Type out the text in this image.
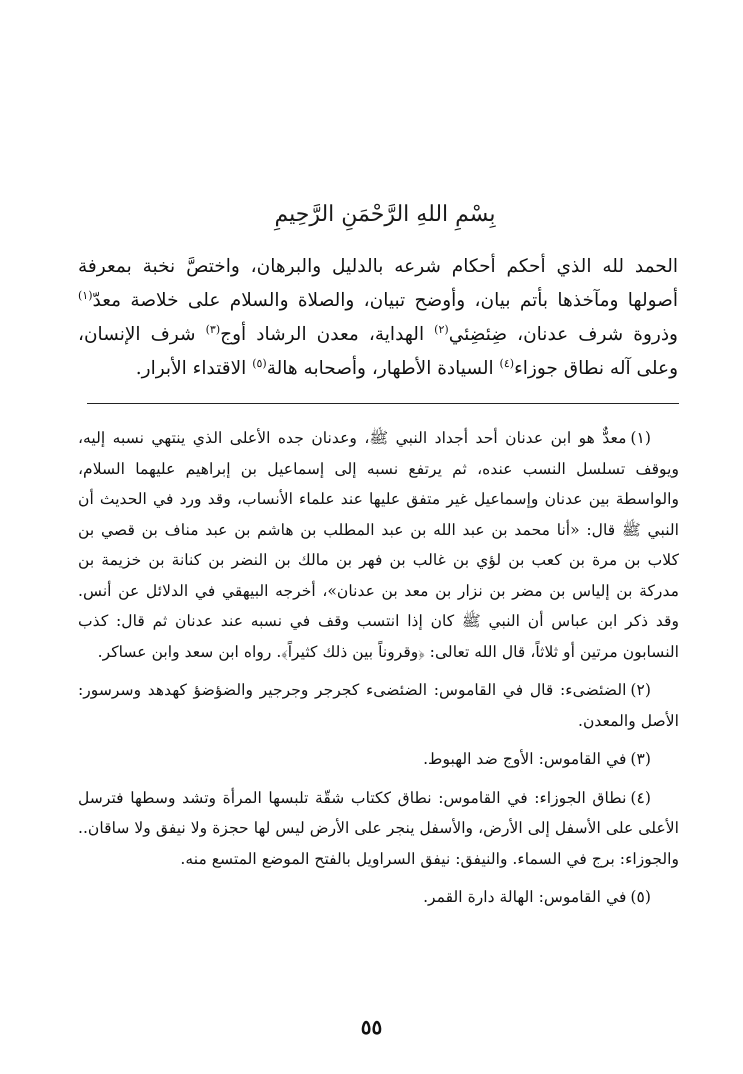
بِسْمِ اللهِ الرَّحْمَنِ الرَّحِيمِ

الحمد لله الذي أحكم أحكام شرعه بالدليل والبرهان، واختصَّ نخبة بمعرفة أصولها ومآخذها بأتم بيان، وأوضح تبيان، والصلاة والسلام على خلاصة معدّ$^{(١)}$ وذروة شرف عدنان، ضِئضِئي$^{(٢)}$ الهداية، معدن الرشاد أوج$^{(٣)}$ شرف الإنسان، وعلى آله نطاق جوزاء$^{(٤)}$ السيادة الأطهار، وأصحابه هالة$^{(٥)}$ الاقتداء الأبرار.

(١)معدٌّ هو ابن عدنان أحد أجداد النبي ﷺ، وعدنان جده الأعلى الذي ينتهي نسبه إليه، ويوقف تسلسل النسب عنده، ثم يرتفع نسبه إلى إسماعيل بن إبراهيم عليهما السلام، والواسطة بين عدنان وإسماعيل غير متفق عليها عند علماء الأنساب، وقد ورد في الحديث أن النبي ﷺ قال: «أنا محمد بن عبد الله بن عبد المطلب بن هاشم بن عبد مناف بن قصي بن كلاب بن مرة بن كعب بن لؤي بن غالب بن فهر بن مالك بن النضر بن كنانة بن خزيمة بن مدركة بن إلياس بن مضر بن نزار بن معد بن عدنان»، أخرجه البيهقي في الدلائل عن أنس. وقد ذكر ابن عباس أن النبي ﷺ كان إذا انتسب وقف في نسبه عند عدنان ثم قال: كذب النسابون مرتين أو ثلاثاً، قال الله تعالى: ﴿وقروناً بين ذلك كثيراً﴾. رواه ابن سعد وابن عساكر.

(٢)الضئضىء: قال في القاموس: الضئضىء كجرجر وجرجير والضؤضؤ كهدهد وسرسور: الأصل والمعدن.

(٣)في القاموس: الأوج ضد الهبوط.

(٤)نطاق الجوزاء: في القاموس: نطاق ككتاب شقّة تلبسها المرأة وتشد وسطها فترسل الأعلى على الأسفل إلى الأرض، والأسفل ينجر على الأرض ليس لها حجزة ولا نيفق ولا ساقان.. والجوزاء: برج في السماء. والنيفق: نيفق السراويل بالفتح الموضع المتسع منه.

(٥)في القاموس: الهالة دارة القمر.

٥٥
